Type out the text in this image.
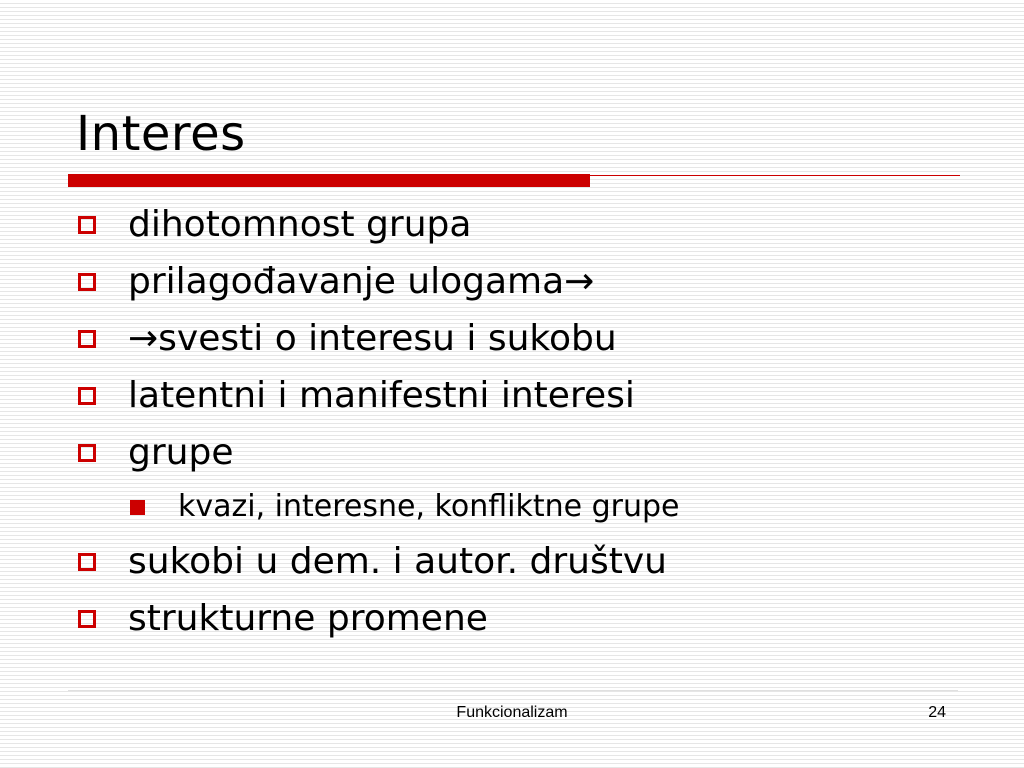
Interes
dihotomnost grupa
prilagođavanje ulogama→
→svesti o interesu i sukobu
latentni i manifestni interesi
grupe
kvazi, interesne, konfliktne grupe
sukobi u dem. i autor. društvu
strukturne promene
Funkcionalizam	24
